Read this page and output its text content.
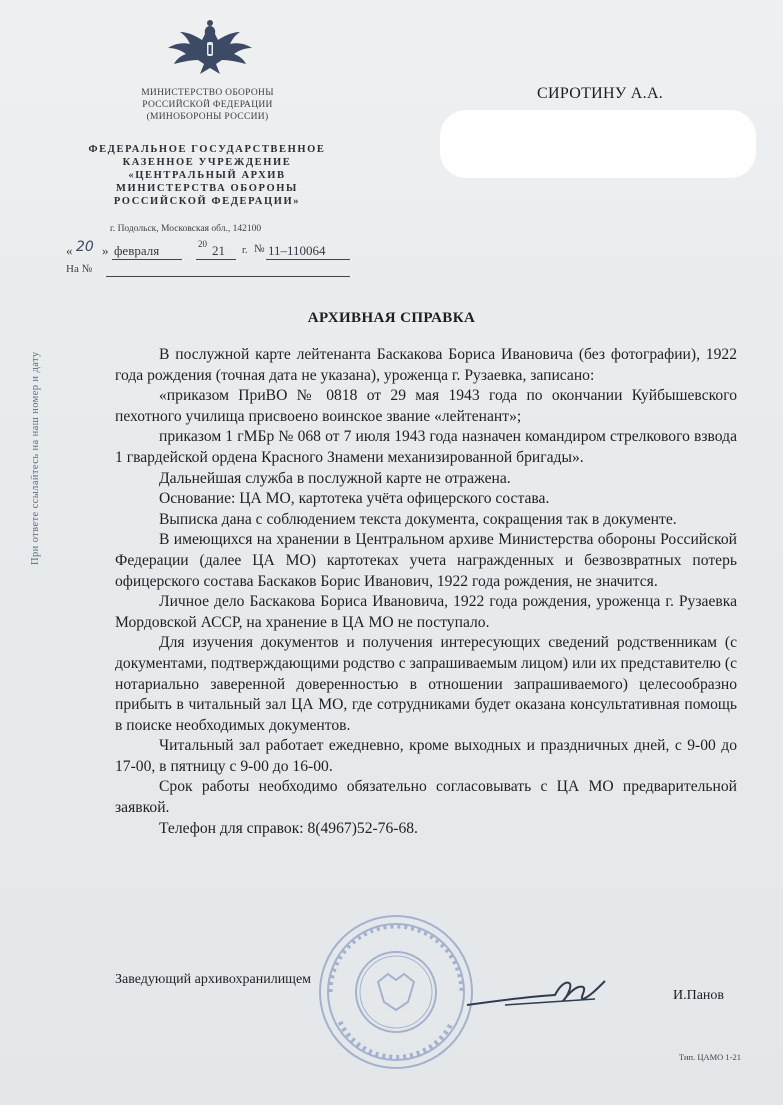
МИНИСТЕРСТВО ОБОРОНЫ
РОССИЙСКОЙ ФЕДЕРАЦИИ
(МИНОБОРОНЫ РОССИИ)
ФЕДЕРАЛЬНОЕ ГОСУДАРСТВЕННОЕ
КАЗЕННОЕ УЧРЕЖДЕНИЕ
«ЦЕНТРАЛЬНЫЙ АРХИВ
МИНИСТЕРСТВА ОБОРОНЫ
РОССИЙСКОЙ ФЕДЕРАЦИИ»
г. Подольск, Московская обл., 142100
« 20 » февраля	20 21 г. № 11–110064
На №
СИРОТИНУ А.А.
При ответе ссылайтесь на наш номер и дату
АРХИВНАЯ СПРАВКА

В послужной карте лейтенанта Баскакова Бориса Ивановича (без фотографии), 1922 года рождения (точная дата не указана), уроженца г. Рузаевка, записано:

«приказом ПриВО № 0818 от 29 мая 1943 года по окончании Куйбышевского пехотного училища присвоено воинское звание «лейтенант»;

приказом 1 гМБр № 068 от 7 июля 1943 года назначен командиром стрелкового взвода 1 гвардейской ордена Красного Знамени механизированной бригады».

Дальнейшая служба в послужной карте не отражена.

Основание: ЦА МО, картотека учёта офицерского состава.

Выписка дана с соблюдением текста документа, сокращения так в документе.

В имеющихся на хранении в Центральном архиве Министерства обороны Российской Федерации (далее ЦА МО) картотеках учета награжденных и безвозвратных потерь офицерского состава Баскаков Борис Иванович, 1922 года рождения, не значится.

Личное дело Баскакова Бориса Ивановича, 1922 года рождения, уроженца г. Рузаевка Мордовской АССР, на хранение в ЦА МО не поступало.

Для изучения документов и получения интересующих сведений родственникам (с документами, подтверждающими родство с запрашиваемым лицом) или их представителю (с нотариально заверенной доверенностью в отношении запрашиваемого) целесообразно прибыть в читальный зал ЦА МО, где сотрудниками будет оказана консультативная помощь в поиске необходимых документов.

Читальный зал работает ежедневно, кроме выходных и праздничных дней, с 9-00 до 17-00, в пятницу с 9-00 до 16-00.

Срок работы необходимо обязательно согласовывать с ЦА МО предварительной заявкой.

Телефон для справок: 8(4967)52-76-68.

Заведующий архивохранилищем
И.Панов
Тип. ЦАМО 1-21
